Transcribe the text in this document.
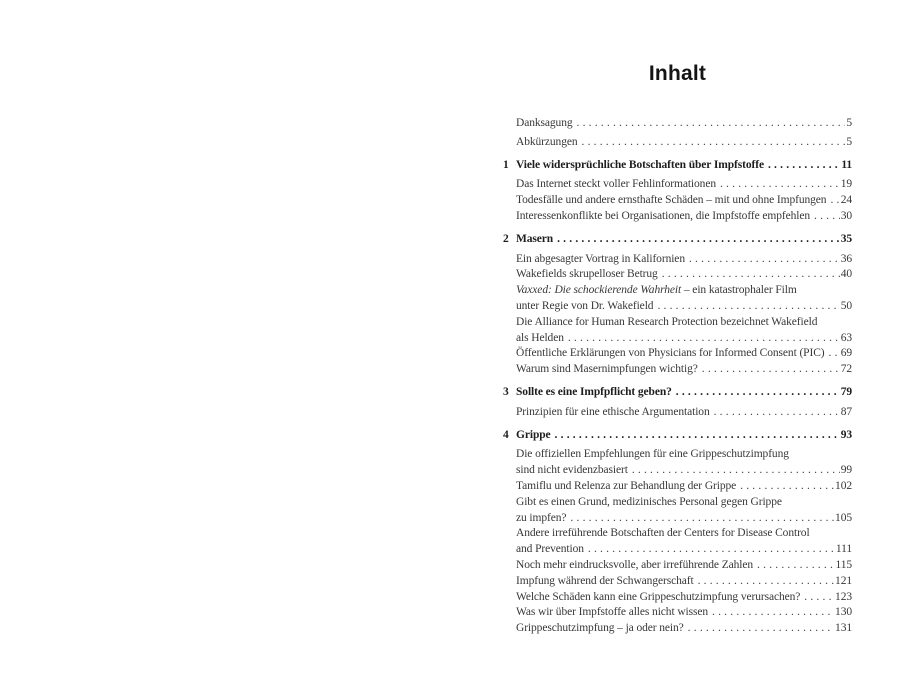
Inhalt
Danksagung .....	5
Abkürzungen .....	5
1 Viele widersprüchliche Botschaften über Impfstoffe .....	11
Das Internet steckt voller Fehlinformationen .....	19
Todesfälle und andere ernsthafte Schäden – mit und ohne Impfungen ..... 24
Interessenkonflikte bei Organisationen, die Impfstoffe empfehlen .....	30
2 Masern .....	35
Ein abgesagter Vortrag in Kalifornien .....	36
Wakefields skrupelloser Betrug .....	40
Vaxxed: Die schockierende Wahrheit – ein katastrophaler Film
unter Regie von Dr. Wakefield .....	50
Die Alliance for Human Research Protection bezeichnet Wakefield
als Helden .....	63
Öffentliche Erklärungen von Physicians for Informed Consent (PIC) ..... 69
Warum sind Masernimpfungen wichtig? .....	72
3 Sollte es eine Impfpflicht geben? .....	79
Prinzipien für eine ethische Argumentation .....	87
4 Grippe .....	93
Die offiziellen Empfehlungen für eine Grippeschutzimpfung
sind nicht evidenzbasiert .....	99
Tamiflu und Relenza zur Behandlung der Grippe .....	102
Gibt es einen Grund, medizinisches Personal gegen Grippe
zu impfen? .....	105
Andere irreführende Botschaften der Centers for Disease Control
and Prevention .....	111
Noch mehr eindrucksvolle, aber irreführende Zahlen .....	115
Impfung während der Schwangerschaft .....	121
Welche Schäden kann eine Grippeschutzimpfung verursachen? .....	123
Was wir über Impfstoffe alles nicht wissen .....	130
Grippeschutzimpfung – ja oder nein? .....	131
